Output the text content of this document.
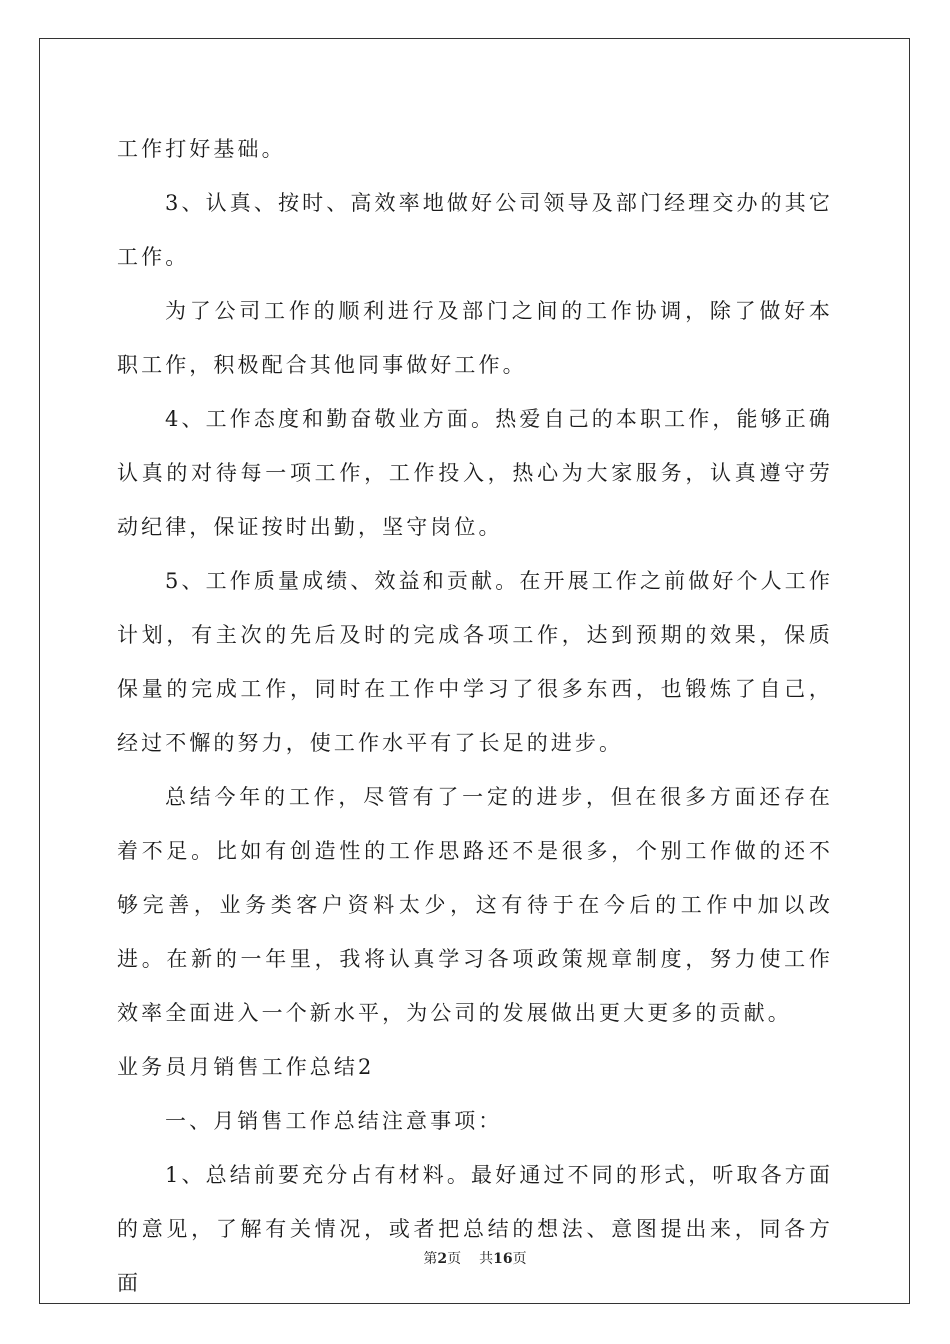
工作打好基础。

3、认真、按时、高效率地做好公司领导及部门经理交办的其它工作。

为了公司工作的顺利进行及部门之间的工作协调，除了做好本职工作，积极配合其他同事做好工作。

4、工作态度和勤奋敬业方面。热爱自己的本职工作，能够正确认真的对待每一项工作，工作投入，热心为大家服务，认真遵守劳动纪律，保证按时出勤，坚守岗位。

5、工作质量成绩、效益和贡献。在开展工作之前做好个人工作计划，有主次的先后及时的完成各项工作，达到预期的效果，保质保量的完成工作，同时在工作中学习了很多东西，也锻炼了自己，经过不懈的努力，使工作水平有了长足的进步。

总结今年的工作，尽管有了一定的进步，但在很多方面还存在着不足。比如有创造性的工作思路还不是很多，个别工作做的还不够完善，业务类客户资料太少，这有待于在今后的工作中加以改进。在新的一年里，我将认真学习各项政策规章制度，努力使工作效率全面进入一个新水平，为公司的发展做出更大更多的贡献。

业务员月销售工作总结2

一、月销售工作总结注意事项：

1、总结前要充分占有材料。最好通过不同的形式，听取各方面的意见，了解有关情况，或者把总结的想法、意图提出来，同各方面

第2页 共16页
